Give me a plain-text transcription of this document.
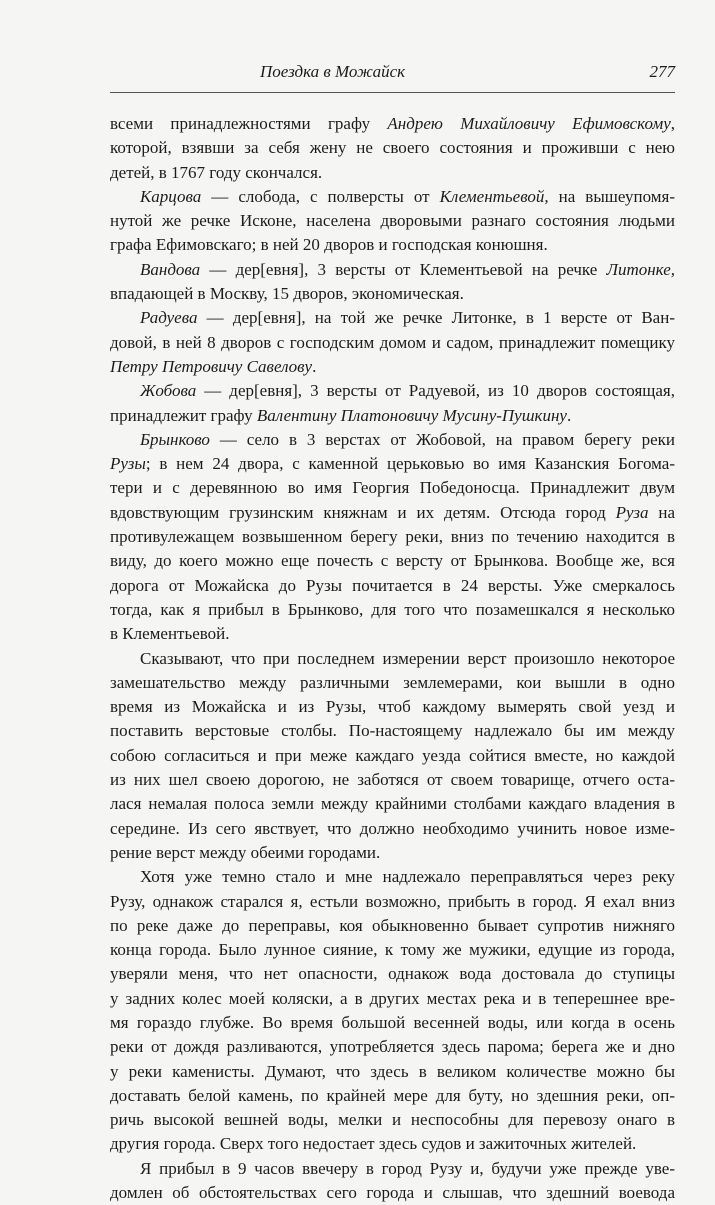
Поездка в Можайск	277
всеми принадлежностями графу Андрею Михайловичу Ефимовскому,
которой, взявши за себя жену не своего состояния и проживши с нею
детей, в 1767 году скончался.
Карцова — слобода, с полверсты от Клементьевой, на вышеупомя-
нутой же речке Исконе, населена дворовыми разнаго состояния людьми
графа Ефимовскаго; в ней 20 дворов и господская конюшня.
Вандова — дер[евня], 3 версты от Клементьевой на речке Литонке,
впадающей в Москву, 15 дворов, экономическая.
Радуева — дер[евня], на той же речке Литонке, в 1 версте от Ван-
довой, в ней 8 дворов с господским домом и садом, принадлежит помещику
Петру Петровичу Савелову.
Жобова — дер[евня], 3 версты от Радуевой, из 10 дворов состоящая,
принадлежит графу Валентину Платоновичу Мусину-Пушкину.
Брынково — село в 3 верстах от Жобовой, на правом берегу реки
Рузы; в нем 24 двора, с каменной церьковью во имя Казанския Богома-
тери и с деревянною во имя Георгия Победоносца. Принадлежит двум
вдовствующим грузинским княжнам и их детям. Отсюда город Руза на
противулежащем возвышенном берегу реки, вниз по течению находится в
виду, до коего можно еще почесть с версту от Брынкова. Вообще же, вся
дорога от Можайска до Рузы почитается в 24 версты. Уже смеркалось
тогда, как я прибыл в Брынково, для того что позамешкался я несколько
в Клементьевой.
Сказывают, что при последнем измерении верст произошло некоторое
замешательство между различными землемерами, кои вышли в одно
время из Можайска и из Рузы, чтоб каждому вымерять свой уезд и
поставить верстовые столбы. По-настоящему надлежало бы им между
собою согласиться и при меже каждаго уезда сойтися вместе, но каждой
из них шел своею дорогою, не заботяся от своем товарище, отчего оста-
лася немалая полоса земли между крайними столбами каждаго владения в
середине. Из сего явствует, что должно необходимо учинить новое изме-
рение верст между обеими городами.
Хотя уже темно стало и мне надлежало переправляться через реку
Рузу, однакож старался я, естьли возможно, прибыть в город. Я ехал вниз
по реке даже до переправы, коя обыкновенно бывает супротив нижняго
конца города. Было лунное сияние, к тому же мужики, едущие из города,
уверяли меня, что нет опасности, однакож вода достовала до ступицы
у задних колес моей коляски, а в других местах река и в теперешнее вре-
мя гораздо глубже. Во время большой весенней воды, или когда в осень
реки от дождя разливаются, употребляется здесь парома; берега же и дно
у реки каменисты. Думают, что здесь в великом количестве можно бы
доставать белой камень, по крайней мере для буту, но здешния реки, оп-
ричь высокой вешней воды, мелки и неспособны для перевозу онаго в
другия города. Сверх того недостает здесь судов и зажиточных жителей.
Я прибыл в 9 часов ввечеру в город Рузу и, будучи уже прежде уве-
домлен об обстоятельствах сего города и слышав, что здешний воевода
